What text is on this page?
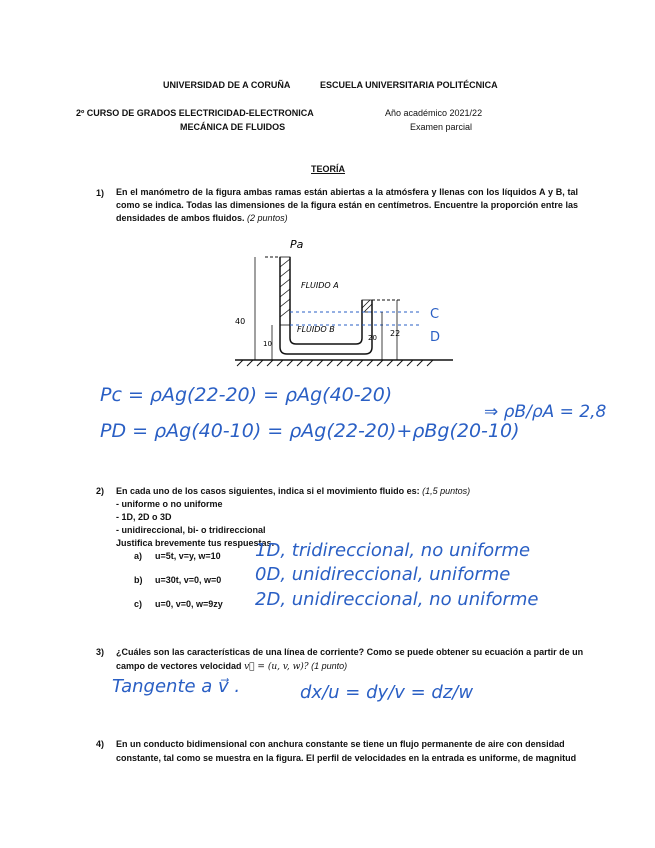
UNIVERSIDAD DE A CORUÑA	ESCUELA UNIVERSITARIA POLITÉCNICA
2º CURSO DE GRADOS ELECTRICIDAD-ELECTRONICA	Año académico 2021/22
MECÁNICA DE FLUIDOS	Examen parcial
TEORÍA
1) En el manómetro de la figura ambas ramas están abiertas a la atmósfera y llenas con los líquidos A y B, tal como se indica. Todas las dimensiones de la figura están en centímetros. Encuentre la proporción entre las densidades de ambos fluidos. (2 puntos)
Pa
FLUIDO A
FLUIDO B
40
10
20 22
C
D
Pc = ρAg(22-20) = ρAg(40-20)
PD = ρAg(40-10) = ρAg(22-20)+ρBg(20-10)
⇒ ρB/ρA = 2,8
2) En cada uno de los casos siguientes, indica si el movimiento fluido es: (1,5 puntos)
- uniforme o no uniforme
- 1D, 2D o 3D
- unidireccional, bi- o tridireccional
Justifica brevemente tus respuestas.
a) u=5t, v=y, w=10 1D, tridireccional, no uniforme
b) u=30t, v=0, w=0 0D, unidireccional, uniforme
c) u=0, v=0, w=9zy 2D, unidireccional, no uniforme
3) ¿Cuáles son las características de una línea de corriente? Como se puede obtener su ecuación a partir de un
campo de vectores velocidad v⃗ = (u, v, w)? (1 punto)
Tangente a v⃗ .	dx/u = dy/v = dz/w
4) En un conducto bidimensional con anchura constante se tiene un flujo permanente de aire con densidad
constante, tal como se muestra en la figura. El perfil de velocidades en la entrada es uniforme, de magnitud
